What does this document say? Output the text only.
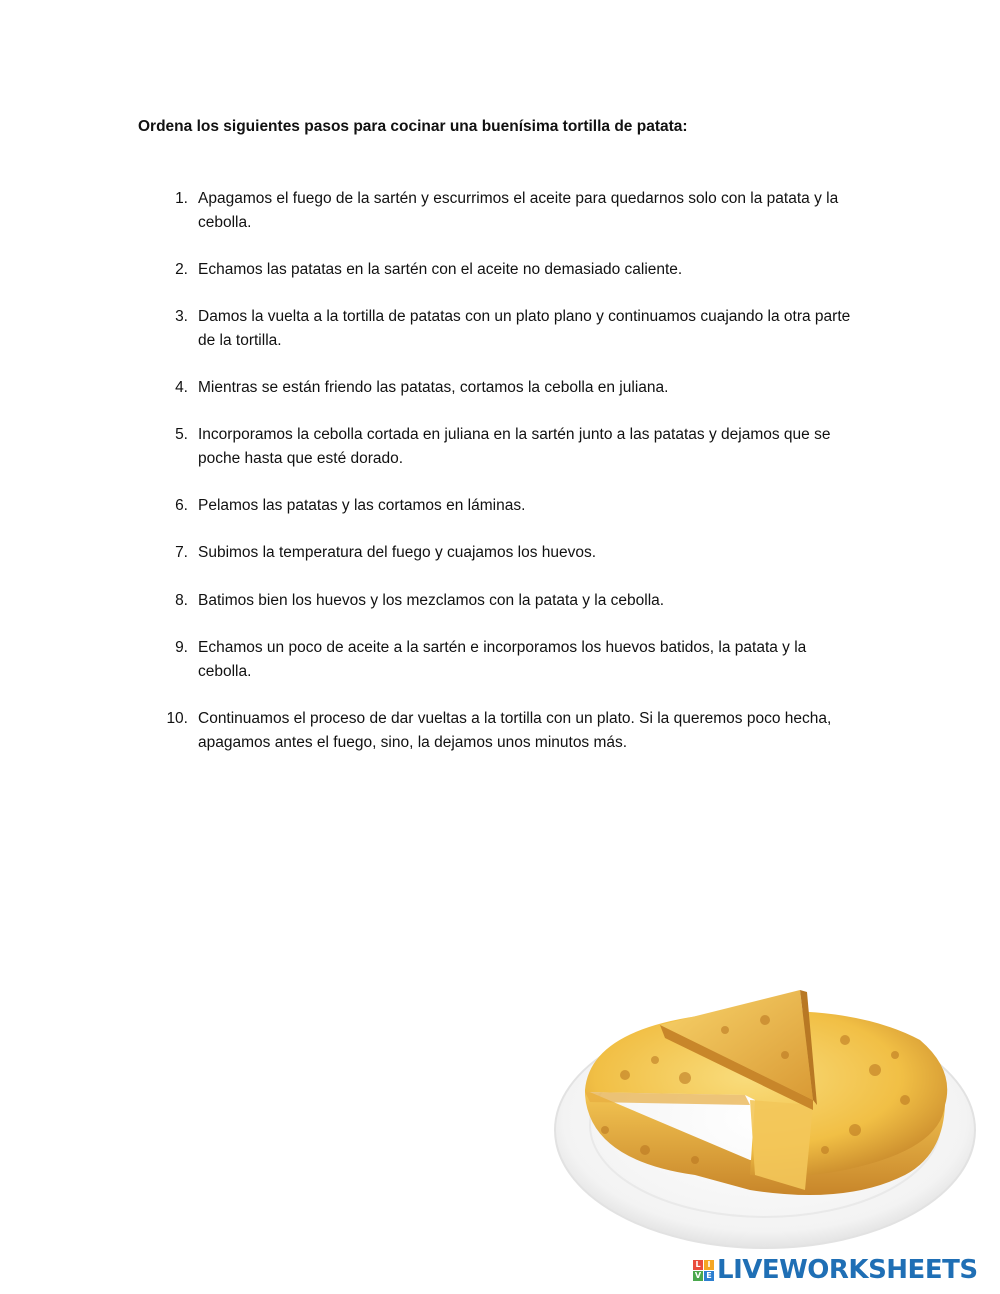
Ordena los siguientes pasos para cocinar una buenísima tortilla de patata:

1. Apagamos el fuego de la sartén y escurrimos el aceite para quedarnos solo con la patata y la cebolla.
2. Echamos las patatas en la sartén con el aceite no demasiado caliente.
3. Damos la vuelta a la tortilla de patatas con un plato plano y continuamos cuajando la otra parte de la tortilla.
4. Mientras se están friendo las patatas, cortamos la cebolla en juliana.
5. Incorporamos la cebolla cortada en juliana en la sartén junto a las patatas y dejamos que se poche hasta que esté dorado.
6. Pelamos las patatas y las cortamos en láminas.
7. Subimos la temperatura del fuego y cuajamos los huevos.
8. Batimos bien los huevos y los mezclamos con la patata y la cebolla.
9. Echamos un poco de aceite a la sartén e incorporamos los huevos batidos, la patata y la cebolla.
10. Continuamos el proceso de dar vueltas a la tortilla con un plato. Si la queremos poco hecha, apagamos antes el fuego, sino, la dejamos unos minutos más.
L I
V E LIVEWORKSHEETS
